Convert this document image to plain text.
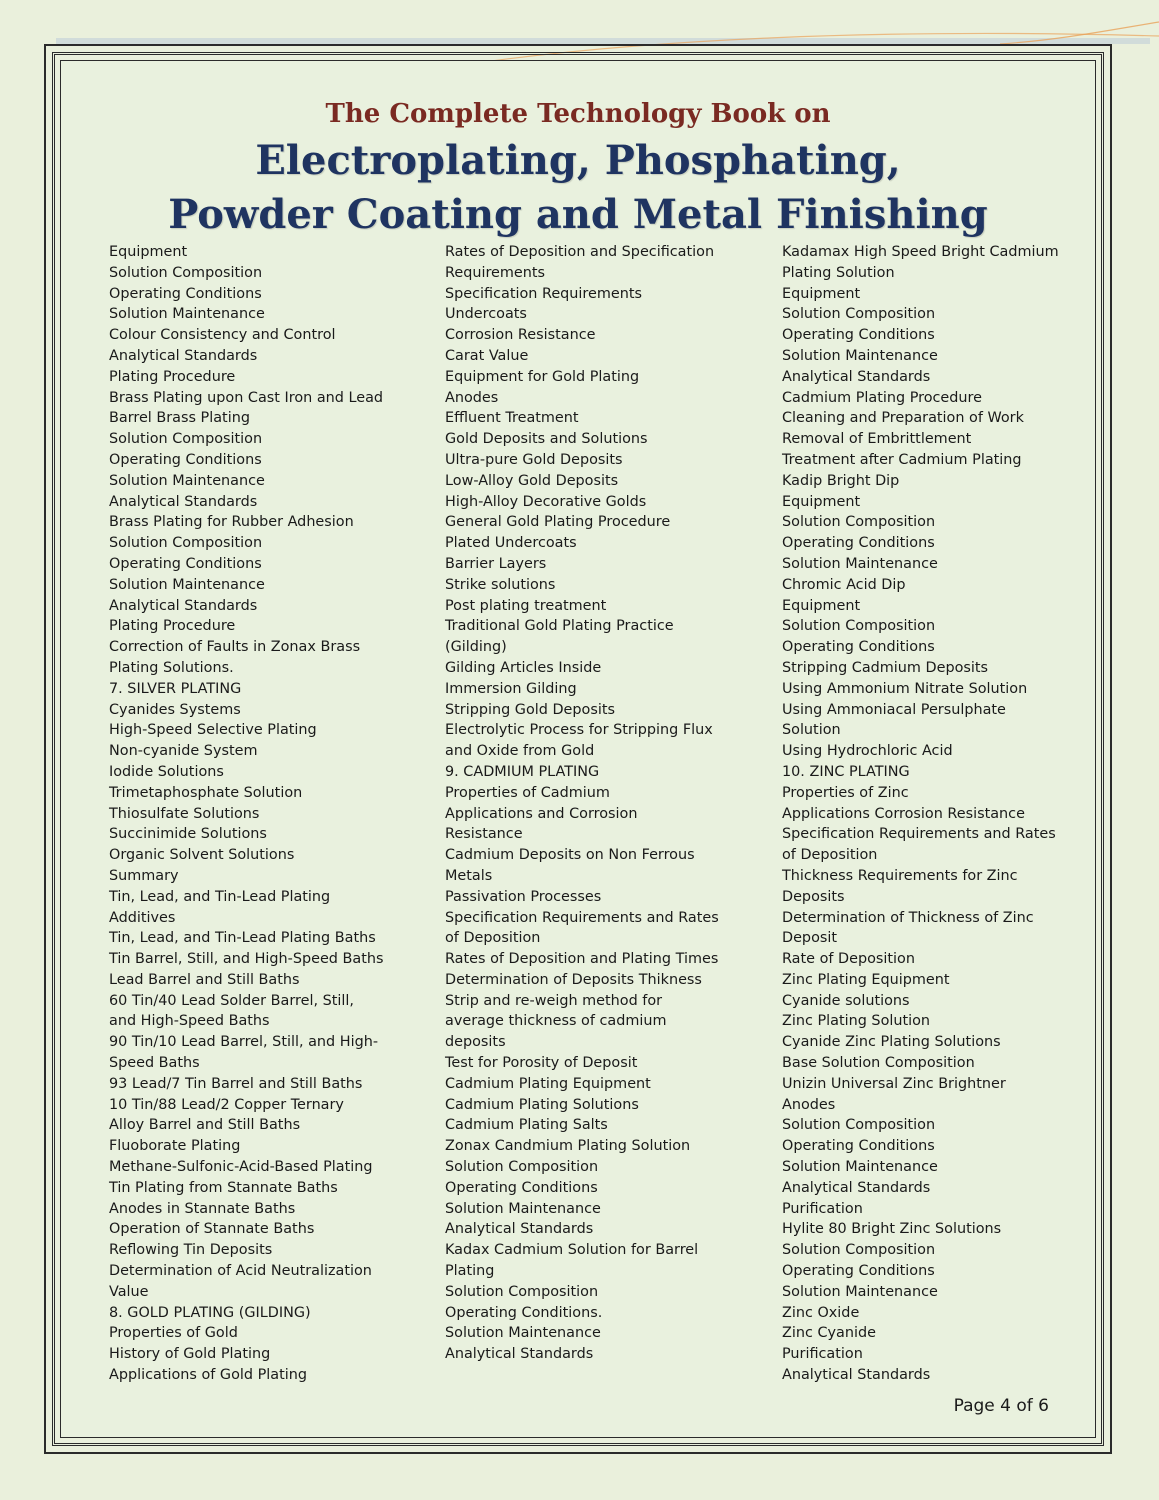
The Complete Technology Book on

Electroplating, Phosphating,

Powder Coating and Metal Finishing

Equipment
Solution Composition
Operating Conditions
Solution Maintenance
Colour Consistency and Control
Analytical Standards
Plating Procedure
Brass Plating upon Cast Iron and Lead
Barrel Brass Plating
Solution Composition
Operating Conditions
Solution Maintenance
Analytical Standards
Brass Plating for Rubber Adhesion
Solution Composition
Operating Conditions
Solution Maintenance
Analytical Standards
Plating Procedure
Correction of Faults in Zonax Brass
Plating Solutions.
7. SILVER PLATING
Cyanides Systems
High-Speed Selective Plating
Non-cyanide System
Iodide Solutions
Trimetaphosphate Solution
Thiosulfate Solutions
Succinimide Solutions
Organic Solvent Solutions
Summary
Tin, Lead, and Tin-Lead Plating
Additives
Tin, Lead, and Tin-Lead Plating Baths
Tin Barrel, Still, and High-Speed Baths
Lead Barrel and Still Baths
60 Tin/40 Lead Solder Barrel, Still,
and High-Speed Baths
90 Tin/10 Lead Barrel, Still, and High-
Speed Baths
93 Lead/7 Tin Barrel and Still Baths
10 Tin/88 Lead/2 Copper Ternary
Alloy Barrel and Still Baths
Fluoborate Plating
Methane-Sulfonic-Acid-Based Plating
Tin Plating from Stannate Baths
Anodes in Stannate Baths
Operation of Stannate Baths
Reflowing Tin Deposits
Determination of Acid Neutralization
Value
8. GOLD PLATING (GILDING)
Properties of Gold
History of Gold Plating
Applications of Gold Plating
Rates of Deposition and Specification
Requirements
Specification Requirements
Undercoats
Corrosion Resistance
Carat Value
Equipment for Gold Plating
Anodes
Effluent Treatment
Gold Deposits and Solutions
Ultra-pure Gold Deposits
Low-Alloy Gold Deposits
High-Alloy Decorative Golds
General Gold Plating Procedure
Plated Undercoats
Barrier Layers
Strike solutions
Post plating treatment
Traditional Gold Plating Practice
(Gilding)
Gilding Articles Inside
Immersion Gilding
Stripping Gold Deposits
Electrolytic Process for Stripping Flux
and Oxide from Gold
9. CADMIUM PLATING
Properties of Cadmium
Applications and Corrosion
Resistance
Cadmium Deposits on Non Ferrous
Metals
Passivation Processes
Specification Requirements and Rates
of Deposition
Rates of Deposition and Plating Times
Determination of Deposits Thikness
Strip and re-weigh method for
average thickness of cadmium
deposits
Test for Porosity of Deposit
Cadmium Plating Equipment
Cadmium Plating Solutions
Cadmium Plating Salts
Zonax Candmium Plating Solution
Solution Composition
Operating Conditions
Solution Maintenance
Analytical Standards
Kadax Cadmium Solution for Barrel
Plating
Solution Composition
Operating Conditions.
Solution Maintenance
Analytical Standards
Kadamax High Speed Bright Cadmium
Plating Solution
Equipment
Solution Composition
Operating Conditions
Solution Maintenance
Analytical Standards
Cadmium Plating Procedure
Cleaning and Preparation of Work
Removal of Embrittlement
Treatment after Cadmium Plating
Kadip Bright Dip
Equipment
Solution Composition
Operating Conditions
Solution Maintenance
Chromic Acid Dip
Equipment
Solution Composition
Operating Conditions
Stripping Cadmium Deposits
Using Ammonium Nitrate Solution
Using Ammoniacal Persulphate
Solution
Using Hydrochloric Acid
10. ZINC PLATING
Properties of Zinc
Applications Corrosion Resistance
Specification Requirements and Rates
of Deposition
Thickness Requirements for Zinc
Deposits
Determination of Thickness of Zinc
Deposit
Rate of Deposition
Zinc Plating Equipment
Cyanide solutions
Zinc Plating Solution
Cyanide Zinc Plating Solutions
Base Solution Composition
Unizin Universal Zinc Brightner
Anodes
Solution Composition
Operating Conditions
Solution Maintenance
Analytical Standards
Purification
Hylite 80 Bright Zinc Solutions
Solution Composition
Operating Conditions
Solution Maintenance
Zinc Oxide
Zinc Cyanide
Purification
Analytical Standards
Page 4 of 6
